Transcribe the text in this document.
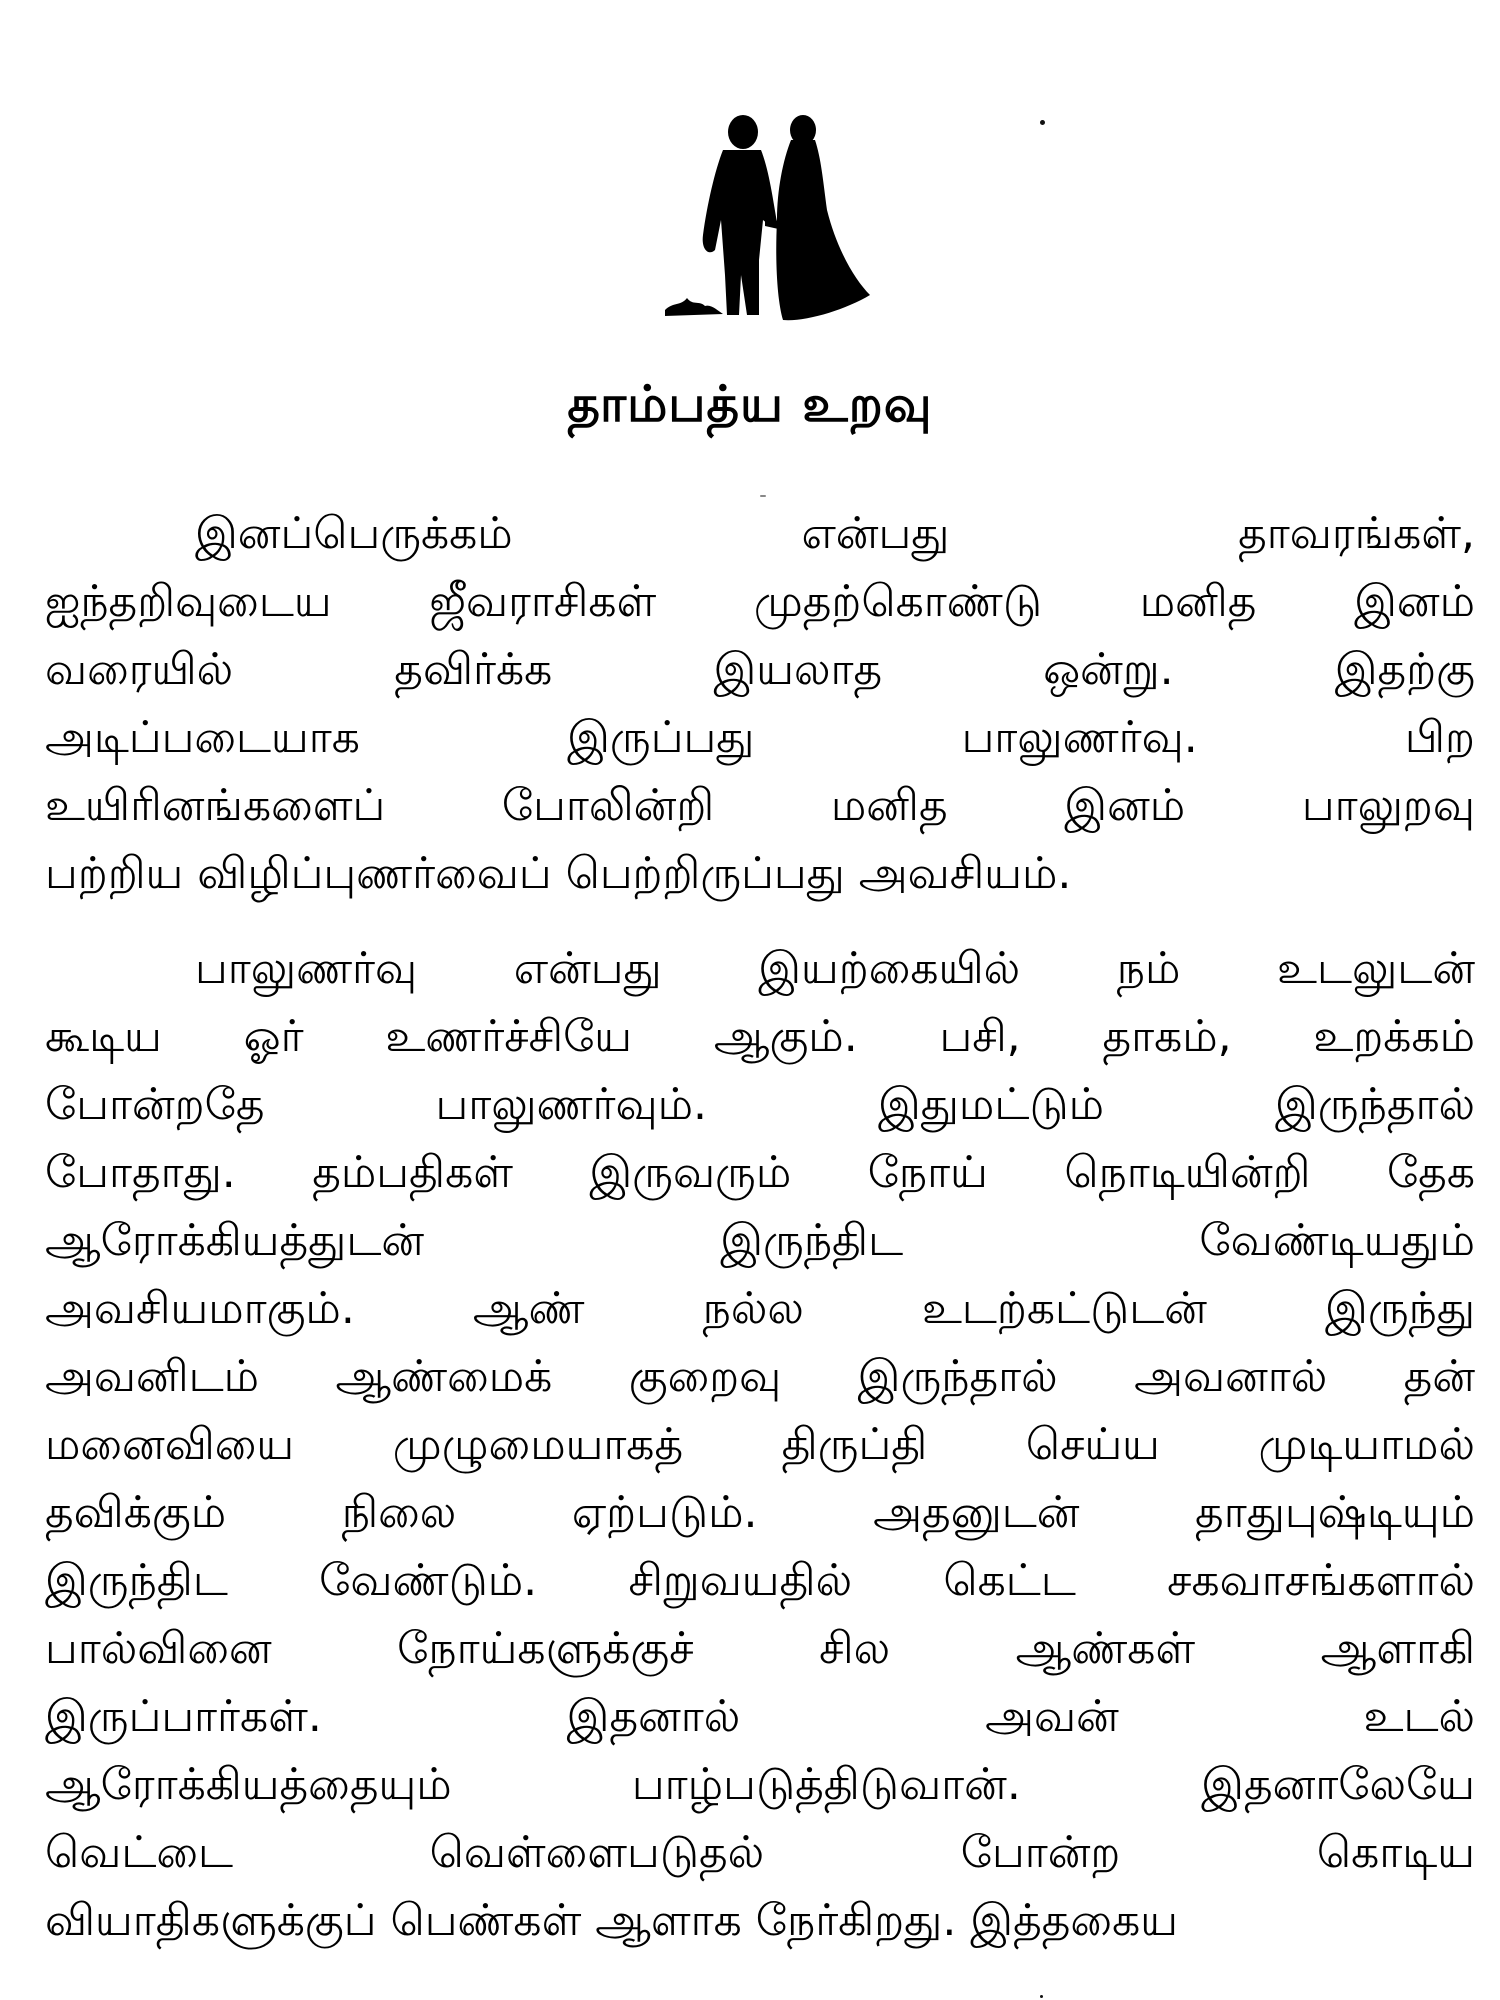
தாம்பத்ய உறவு
இனப்பெருக்கம் என்பது தாவரங்கள்,
ஐந்தறிவுடைய ஜீவராசிகள் முதற்கொண்டு மனித இனம்
வரையில் தவிர்க்க இயலாத ஒன்று. இதற்கு
அடிப்படையாக இருப்பது பாலுணர்வு. பிற
உயிரினங்களைப் போலின்றி மனித இனம் பாலுறவு
பற்றிய விழிப்புணர்வைப் பெற்றிருப்பது அவசியம்.
பாலுணர்வு என்பது இயற்கையில் நம் உடலுடன்
கூடிய ஓர் உணர்ச்சியே ஆகும். பசி, தாகம், உறக்கம்
போன்றதே பாலுணர்வும். இதுமட்டும் இருந்தால்
போதாது. தம்பதிகள் இருவரும் நோய் நொடியின்றி தேக
ஆரோக்கியத்துடன் இருந்திட வேண்டியதும்
அவசியமாகும். ஆண் நல்ல உடற்கட்டுடன் இருந்து
அவனிடம் ஆண்மைக் குறைவு இருந்தால் அவனால் தன்
மனைவியை முழுமையாகத் திருப்தி செய்ய முடியாமல்
தவிக்கும் நிலை ஏற்படும். அதனுடன் தாதுபுஷ்டியும்
இருந்திட வேண்டும். சிறுவயதில் கெட்ட சகவாசங்களால்
பால்வினை நோய்களுக்குச் சில ஆண்கள் ஆளாகி
இருப்பார்கள். இதனால் அவன் உடல்
ஆரோக்கியத்தையும் பாழ்படுத்திடுவான். இதனாலேயே
வெட்டை வெள்ளைபடுதல் போன்ற கொடிய
வியாதிகளுக்குப் பெண்கள் ஆளாக நேர்கிறது. இத்தகைய
